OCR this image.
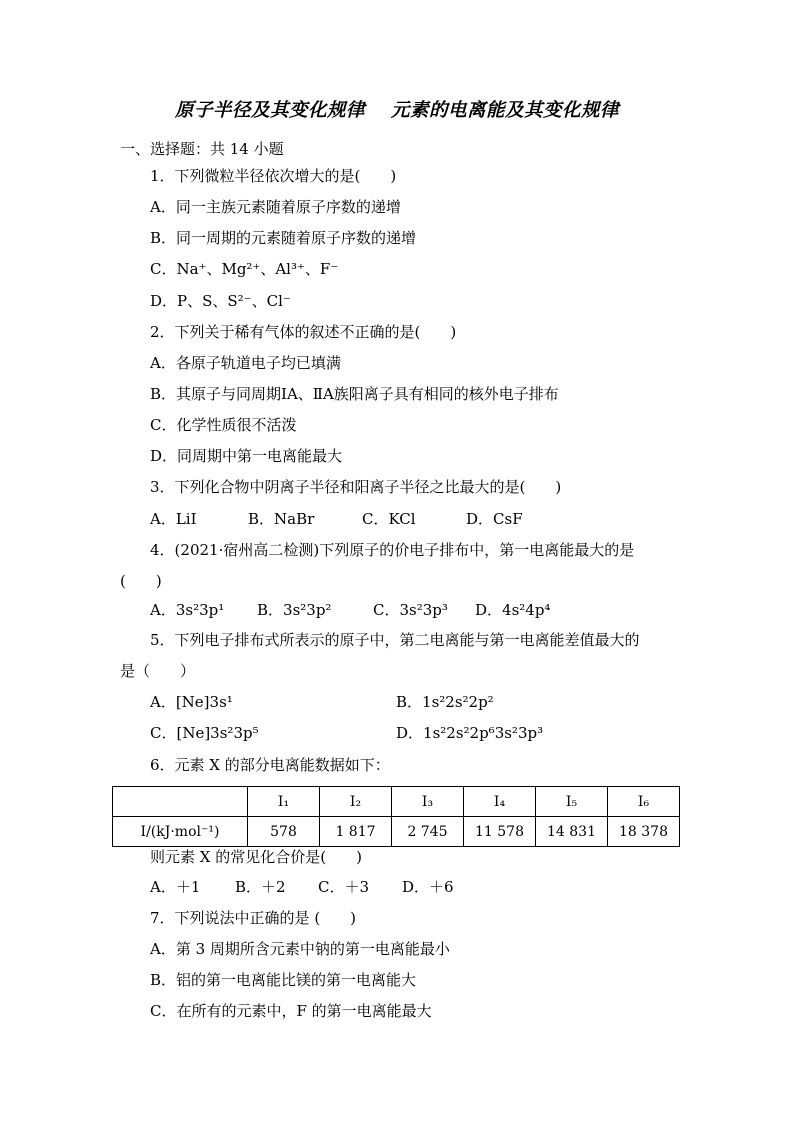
原子半径及其变化规律 元素的电离能及其变化规律
一、选择题：共 14 小题
1．下列微粒半径依次增大的是(　　)
A．同一主族元素随着原子序数的递增
B．同一周期的元素随着原子序数的递增
C．Na⁺、Mg²⁺、Al³⁺、F⁻
D．P、S、S²⁻、Cl⁻
2．下列关于稀有气体的叙述不正确的是(　　)
A．各原子轨道电子均已填满
B．其原子与同周期ⅠA、ⅡA族阳离子具有相同的核外电子排布
C．化学性质很不活泼
D．同周期中第一电离能最大
3．下列化合物中阴离子半径和阳离子半径之比最大的是(　　)
A．LiI	B．NaBr	C．KCl	D．CsF
4．(2021·宿州高二检测)下列原子的价电子排布中，第一电离能最大的是
(　　)
A．3s²3p¹ B．3s²3p²	C．3s²3p³ D．4s²4p⁴
5．下列电子排布式所表示的原子中，第二电离能与第一电离能差值最大的
是（　　）
A．[Ne]3s¹	B．1s²2s²2p²
C．[Ne]3s²3p⁵	D．1s²2s²2p⁶3s²3p³
6．元素 X 的部分电离能数据如下：
	I₁	I₂	I₃	I₄	I₅	I₆
I/(kJ·mol⁻¹)	578	1 817	2 745	11 578	14 831	18 378
则元素 X 的常见化合价是(　　)
A．＋1 B．＋2 C．＋3 D．＋6
7．下列说法中正确的是 (　　)
A．第 3 周期所含元素中钠的第一电离能最小
B．铝的第一电离能比镁的第一电离能大
C．在所有的元素中，F 的第一电离能最大
